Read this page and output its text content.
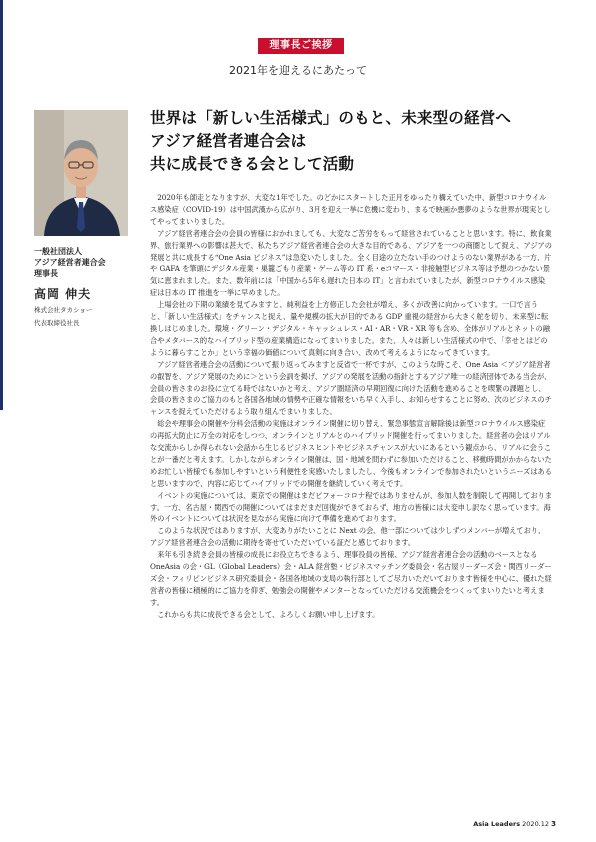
理事長ご挨拶
2021年を迎えるにあたって
一般社団法人
アジア経営者連合会
理事長
高岡 伸夫
株式会社タカショー
代表取締役社長
世界は「新しい生活様式」のもと、未来型の経営へ
アジア経営者連合会は
共に成長できる会として活動

2020年も師走となりますが、大変な1年でした。のどかにスタートした正月をゆったり構えていた中、新型コロナウイルス感染症（COVID-19）は中国武漢から広がり、3月を迎え一挙に危機に変わり、まるで映画か悪夢のような世界が現実としてやってまいりました。

アジア経営者連合会の会員の皆様におかれましても、大変なご苦労をもって経営されていることと思います。特に、飲食業界、旅行業界への影響は甚大で、私たちアジア経営者連合会の大きな目的である、アジアを一つの商圏として捉え、アジアの発展と共に成長する“One Asia ビジネス”は急変いたしました。全く目途の立たない手のつけようのない業界がある一方、片や GAFA を筆頭にデジタル産業・巣籠ごもり産業・ゲーム等の IT 系・eコマース・非接触型ビジネス等は予想のつかない景気に恵まれました。また、数年前には「中国から5年も遅れた日本の IT」と言われていましたが、新型コロナウイルス感染症は日本の IT 推進を一挙に早めました。

上場会社の下期の業績を見てみますと、純利益を上方修正した会社が増え、多くが改善に向かっています。一口で言うと、「新しい生活様式」をチャンスと捉え、量や規模の拡大が目的である GDP 重視の経営から大きく舵を切り、未来型に転換しはじめました。環境・グリーン・デジタル・キャッシュレス・AI・AR・VR・XR 等も含め、全体がリアルとネットの融合やメタバース的なハイブリッド型の産業構造になってまいりました。また、人々は新しい生活様式の中で、「幸せとはどのように暮らすことか」という幸福の価値について真剣に向き合い、改めて考えるようになってきています。

アジア経営者連合会の活動について振り返ってみますと反省で一杯ですが、このような時こそ、One Asia ＜アジア経営者の叡智を、アジア発展のために＞という会訓を掲げ、アジアの発展を活動の指針とするアジア唯一の経済団体である当会が、会員の皆さまのお役に立てる時ではないかと考え、アジア圏経済の早期回復に向けた活動を進めることを喫緊の課題とし、会員の皆さまのご協力のもと各国各地域の情勢や正確な情報をいち早く入手し、お知らせすることに努め、次のビジネスのチャンスを捉えていただけるよう取り組んでまいりました。

総会や理事会の開催や分科会活動の実施はオンライン開催に切り替え、緊急事態宣言解除後は新型コロナウイルス感染症の再拡大防止に万全の対応をしつつ、オンラインとリアルとのハイブリッド開催を行ってまいりました。経営者の会はリアルな交流からしか得られない会話から生じるビジネスヒントやビジネスチャンスが大いにあるという観点から、リアルに会うことが一番だと考えます。しかしながらオンライン開催は、国・地域を問わずに参加いただけること、移動時間がかからないためお忙しい皆様でも参加しやすいという利便性を実感いたしましたし、今後もオンラインで参加されたいというニーズはあると思いますので、内容に応じてハイブリッドでの開催を継続していく考えです。

イベントの実施については、東京での開催はまだビフォーコロナ程ではありませんが、参加人数を制限して再開しております。一方、名古屋・関西での開催についてはまだまだ回復ができておらず、地方の皆様には大変申し訳なく思っています。海外のイベントについては状況を見ながら実施に向けて準備を進めております。

このような状況ではありますが、大変ありがたいことに Next の会、他一部については少しずつメンバーが増えており、アジア経営者連合会の活動に期待を寄せていただいている証だと感じております。

来年も引き続き会員の皆様の成長にお役立ちできるよう、理事役員の皆様、アジア経営者連合会の活動のベースとなる OneAsia の会・GL（Global Leaders）会・ALA 経営塾・ビジネスマッチング委員会・名古屋リーダーズ会・関西リーダーズ会・フィリピンビジネス研究委員会・各国各地域の支局の執行部としてご尽力いただいております皆様を中心に、優れた経営者の皆様に積極的にご協力を仰ぎ、勉強会の開催やメンターとなっていただける交流機会をつくってまいりたいと考えます。

これからも共に成長できる会として、よろしくお願い申し上げます。

Asia Leaders 2020.12 3
